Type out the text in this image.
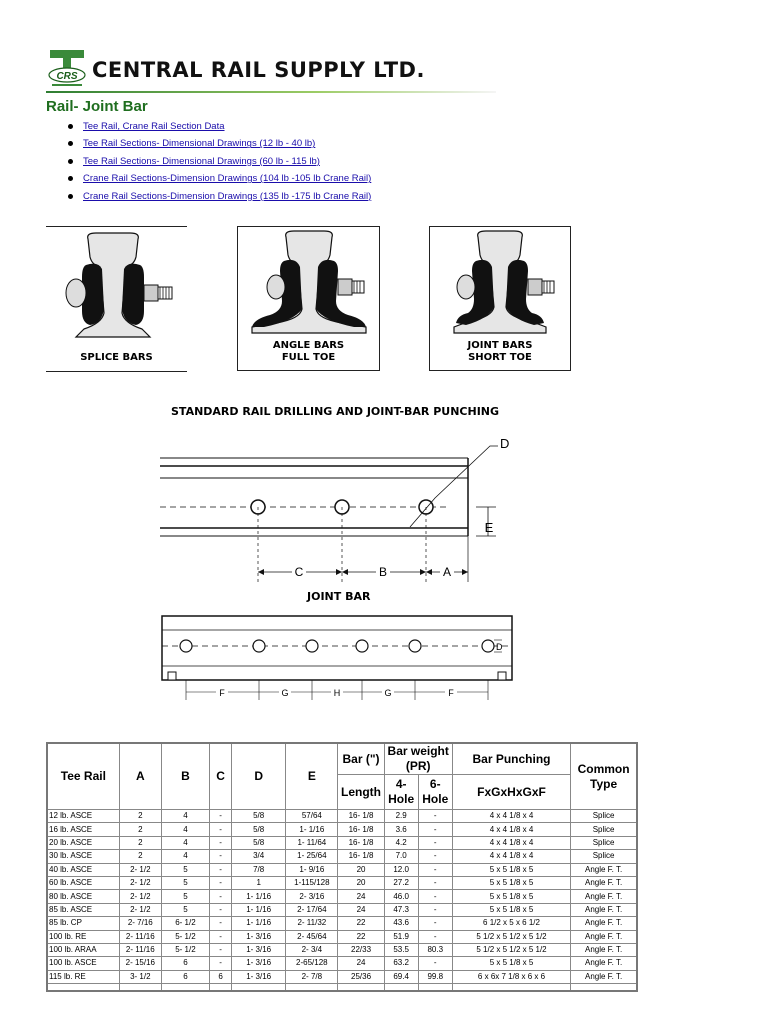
CRS CENTRAL RAIL SUPPLY LTD.
Rail- Joint Bar
Tee Rail, Crane Rail Section Data
Tee Rail Sections- Dimensional Drawings (12 lb - 40 lb)
Tee Rail Sections- Dimensional Drawings (60 lb - 115 lb)
Crane Rail Sections-Dimension Drawings (104 lb -105 lb Crane Rail)
Crane Rail Sections-Dimension Drawings (135 lb -175 lb Crane Rail)
SPLICE BARS
ANGLE BARS
FULL TOE
JOINT BARS
SHORT TOE
STANDARD RAIL DRILLING AND JOINT-BAR PUNCHING
C	B	A
E
D
JOINT BAR
F	G	H	G	F
D
Tee Rail	A	B	C	D	E	Bar (")	Bar weight (PR)		Bar Punching	Common Type
						Length	4- Hole	6- Hole	FxGxHxGxF	
12 lb. ASCE	2	4	-	5/8	57/64	16- 1/8	2.9	-	4 x 4 1/8 x 4	Splice
16 lb. ASCE	2	4	-	5/8	1- 1/16	16- 1/8	3.6	-	4 x 4 1/8 x 4	Splice
20 lb. ASCE	2	4	-	5/8	1- 11/64	16- 1/8	4.2	-	4 x 4 1/8 x 4	Splice
30 lb. ASCE	2	4	-	3/4	1- 25/64	16- 1/8	7.0	-	4 x 4 1/8 x 4	Splice
40 lb. ASCE	2- 1/2	5	-	7/8	1- 9/16	20	12.0	-	5 x 5 1/8 x 5	Angle F. T.
60 lb. ASCE	2- 1/2	5	-	1	1-115/128	20	27.2	-	5 x 5 1/8 x 5	Angle F. T.
80 lb. ASCE	2- 1/2	5	-	1- 1/16	2- 3/16	24	46.0	-	5 x 5 1/8 x 5	Angle F. T.
85 lb. ASCE	2- 1/2	5	-	1- 1/16	2- 17/64	24	47.3	-	5 x 5 1/8 x 5	Angle F. T.
85 lb. CP	2- 7/16	6- 1/2	-	1- 1/16	2- 11/32	22	43.6	-	6 1/2 x 5 x 6 1/2	Angle F. T.
100 lb. RE	2- 11/16	5- 1/2	-	1- 3/16	2- 45/64	22	51.9	-	5 1/2 x 5 1/2 x 5 1/2	Angle F. T.
100 lb. ARAA	2- 11/16	5- 1/2	-	1- 3/16	2- 3/4	22/33	53.5	80.3	5 1/2 x 5 1/2 x 5 1/2	Angle F. T.
100 lb. ASCE	2- 15/16	6	-	1- 3/16	2-65/128	24	63.2	-	5 x 5 1/8 x 5	Angle F. T.
115 lb. RE	3- 1/2	6	6	1- 3/16	2- 7/8	25/36	69.4	99.8	6 x 6x 7 1/8 x 6 x 6	Angle F. T.
